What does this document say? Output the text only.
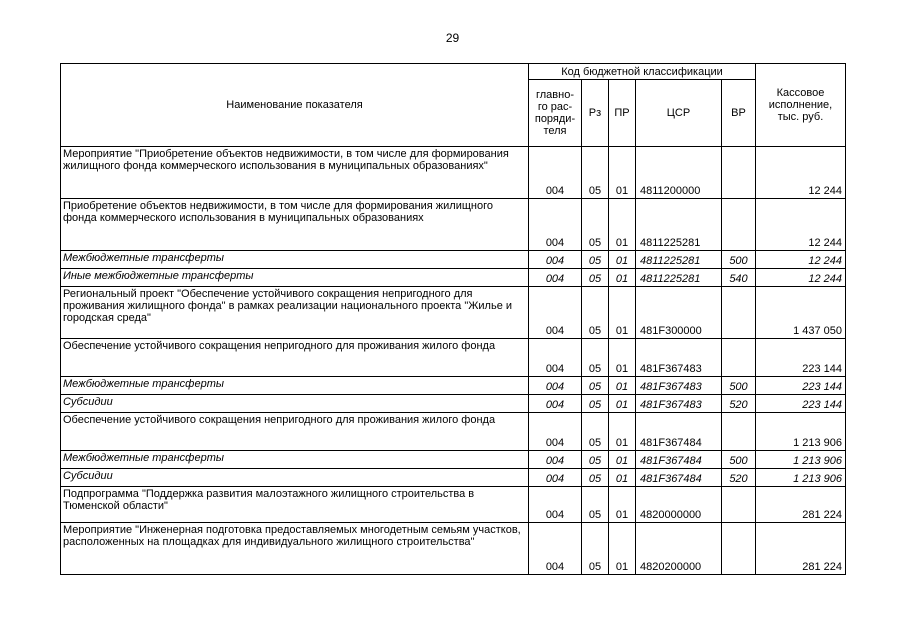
29
Наименование показателя	Код бюджетной классификации					Кассовое
исполнение,
тыс. руб.
	главно-
го рас-
поряди-
теля	Рз	ПР	ЦСР	ВР	
Мероприятие "Приобретение объектов недвижимости, в том числе для формирования жилищного фонда коммерческого использования в муниципальных образованиях"	004	05	01	4811200000		12 244
Приобретение объектов недвижимости, в том числе для формирования жилищного фонда коммерческого использования в муниципальных образованиях	004	05	01	4811225281		12 244
Межбюджетные трансферты	004	05	01	4811225281	500	12 244
Иные межбюджетные трансферты	004	05	01	4811225281	540	12 244
Региональный проект "Обеспечение устойчивого сокращения непригодного для проживания жилищного фонда" в рамках реализации национального проекта "Жилье и городская среда"	004	05	01	481F300000		1 437 050
Обеспечение устойчивого сокращения непригодного для проживания жилого фонда	004	05	01	481F367483		223 144
Межбюджетные трансферты	004	05	01	481F367483	500	223 144
Субсидии	004	05	01	481F367483	520	223 144
Обеспечение устойчивого сокращения непригодного для проживания жилого фонда	004	05	01	481F367484		1 213 906
Межбюджетные трансферты	004	05	01	481F367484	500	1 213 906
Субсидии	004	05	01	481F367484	520	1 213 906
Подпрограмма "Поддержка развития малоэтажного жилищного строительства в Тюменской области"	004	05	01	4820000000		281 224
Мероприятие "Инженерная подготовка предоставляемых многодетным семьям участков, расположенных на площадках для индивидуального жилищного строительства"	004	05	01	4820200000		281 224
